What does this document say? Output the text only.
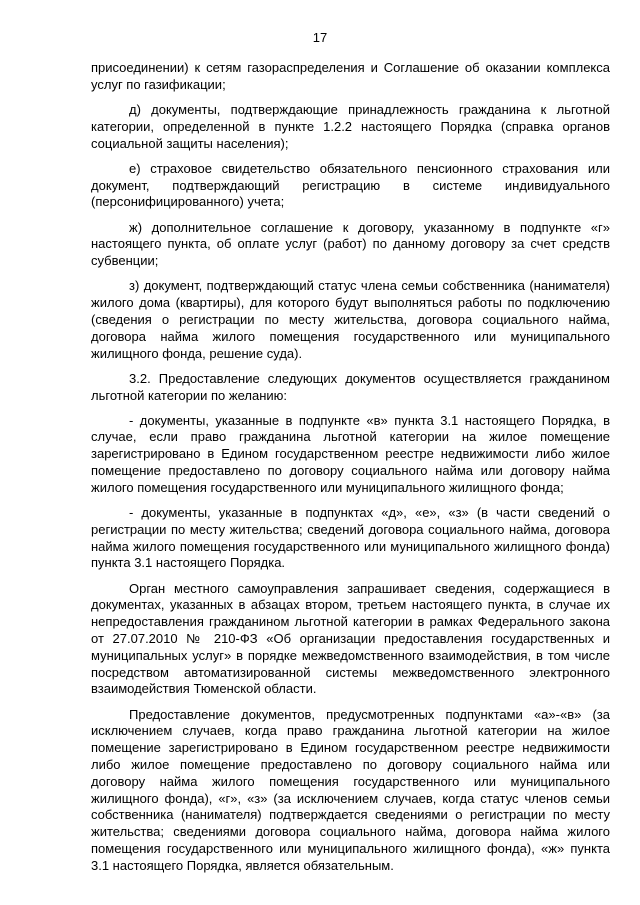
17

присоединении) к сетям газораспределения и Соглашение об оказании комплекса услуг по газификации;

д) документы, подтверждающие принадлежность гражданина к льготной категории, определенной в пункте 1.2.2 настоящего Порядка (справка органов социальной защиты населения);

е) страховое свидетельство обязательного пенсионного страхования или документ, подтверждающий регистрацию в системе индивидуального (персонифицированного) учета;

ж) дополнительное соглашение к договору, указанному в подпункте «г» настоящего пункта, об оплате услуг (работ) по данному договору за счет средств субвенции;

з) документ, подтверждающий статус члена семьи собственника (нанимателя) жилого дома (квартиры), для которого будут выполняться работы по подключению (сведения о регистрации по месту жительства, договора социального найма, договора найма жилого помещения государственного или муниципального жилищного фонда, решение суда).

3.2. Предоставление следующих документов осуществляется гражданином льготной категории по желанию:

- документы, указанные в подпункте «в» пункта 3.1 настоящего Порядка, в случае, если право гражданина льготной категории на жилое помещение зарегистрировано в Едином государственном реестре недвижимости либо жилое помещение предоставлено по договору социального найма или договору найма жилого помещения государственного или муниципального жилищного фонда;

- документы, указанные в подпунктах «д», «е», «з» (в части сведений о регистрации по месту жительства; сведений договора социального найма, договора найма жилого помещения государственного или муниципального жилищного фонда) пункта 3.1 настоящего Порядка.

Орган местного самоуправления запрашивает сведения, содержащиеся в документах, указанных в абзацах втором, третьем настоящего пункта, в случае их непредоставления гражданином льготной категории в рамках Федерального закона от 27.07.2010 № 210-ФЗ «Об организации предоставления государственных и муниципальных услуг» в порядке межведомственного взаимодействия, в том числе посредством автоматизированной системы межведомственного электронного взаимодействия Тюменской области.

Предоставление документов, предусмотренных подпунктами «а»-«в» (за исключением случаев, когда право гражданина льготной категории на жилое помещение зарегистрировано в Едином государственном реестре недвижимости либо жилое помещение предоставлено по договору социального найма или договору найма жилого помещения государственного или муниципального жилищного фонда), «г», «з» (за исключением случаев, когда статус членов семьи собственника (нанимателя) подтверждается сведениями о регистрации по месту жительства; сведениями договора социального найма, договора найма жилого помещения государственного или муниципального жилищного фонда), «ж» пункта 3.1 настоящего Порядка, является обязательным.
